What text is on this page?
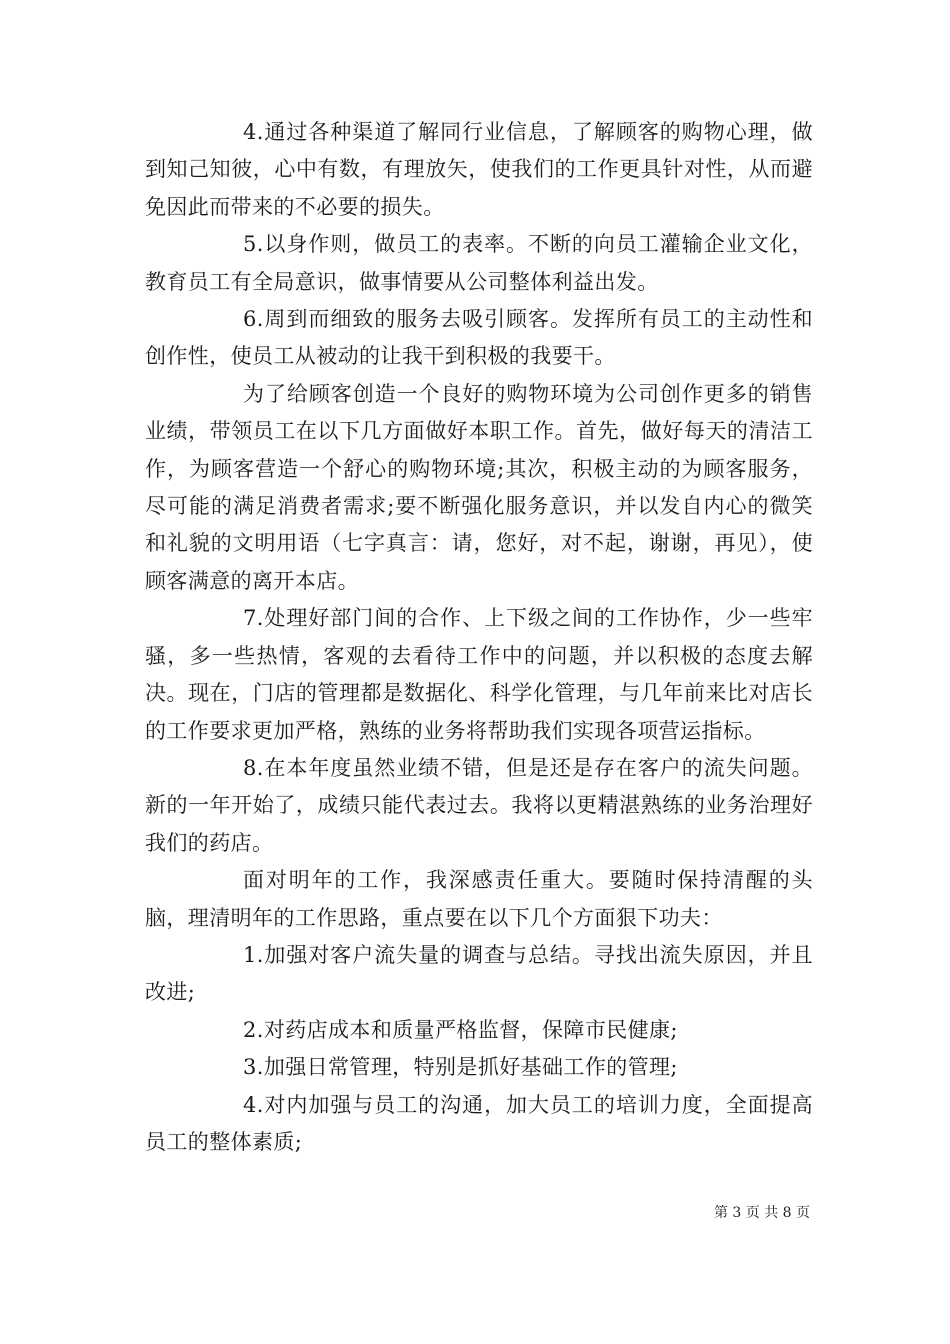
4.通过各种渠道了解同行业信息，了解顾客的购物心理，做到知己知彼，心中有数，有理放矢，使我们的工作更具针对性，从而避免因此而带来的不必要的损失。

5.以身作则，做员工的表率。不断的向员工灌输企业文化，教育员工有全局意识，做事情要从公司整体利益出发。

6.周到而细致的服务去吸引顾客。发挥所有员工的主动性和创作性，使员工从被动的让我干到积极的我要干。

为了给顾客创造一个良好的购物环境为公司创作更多的销售业绩，带领员工在以下几方面做好本职工作。首先，做好每天的清洁工作，为顾客营造一个舒心的购物环境;其次，积极主动的为顾客服务，尽可能的满足消费者需求;要不断强化服务意识，并以发自内心的微笑和礼貌的文明用语（七字真言：请，您好，对不起，谢谢，再见），使顾客满意的离开本店。

7.处理好部门间的合作、上下级之间的工作协作，少一些牢骚，多一些热情，客观的去看待工作中的问题，并以积极的态度去解决。现在，门店的管理都是数据化、科学化管理，与几年前来比对店长的工作要求更加严格，熟练的业务将帮助我们实现各项营运指标。

8.在本年度虽然业绩不错，但是还是存在客户的流失问题。新的一年开始了，成绩只能代表过去。我将以更精湛熟练的业务治理好我们的药店。

面对明年的工作，我深感责任重大。要随时保持清醒的头脑，理清明年的工作思路，重点要在以下几个方面狠下功夫：

1.加强对客户流失量的调查与总结。寻找出流失原因，并且改进;

2.对药店成本和质量严格监督，保障市民健康;

3.加强日常管理，特别是抓好基础工作的管理;

4.对内加强与员工的沟通，加大员工的培训力度，全面提高员工的整体素质;

第 3 页 共 8 页
